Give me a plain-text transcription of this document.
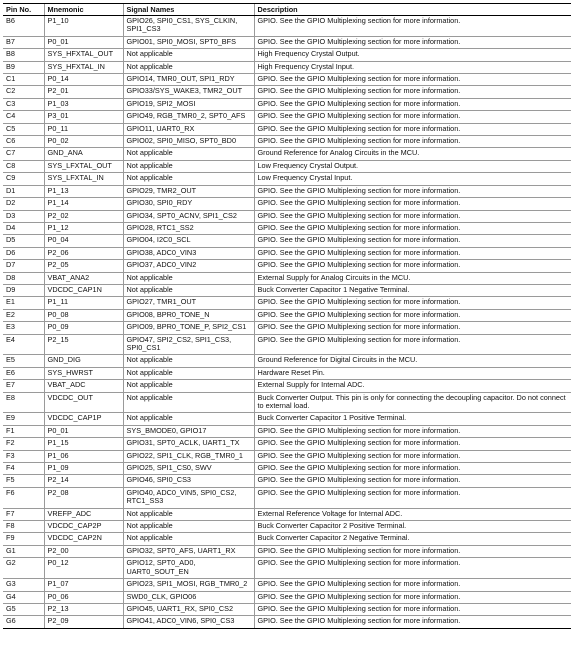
Pin No.	Mnemonic	Signal Names	Description
B6	P1_10	GPIO26, SPI0_CS1, SYS_CLKIN, SPI1_CS3	GPIO. See the GPIO Multiplexing section for more information.
B7	P0_01	GPIO01, SPI0_MOSI, SPT0_BFS	GPIO. See the GPIO Multiplexing section for more information.
B8	SYS_HFXTAL_OUT	Not applicable	High Frequency Crystal Output.
B9	SYS_HFXTAL_IN	Not applicable	High Frequency Crystal Input.
C1	P0_14	GPIO14, TMR0_OUT, SPI1_RDY	GPIO. See the GPIO Multiplexing section for more information.
C2	P2_01	GPIO33/SYS_WAKE3, TMR2_OUT	GPIO. See the GPIO Multiplexing section for more information.
C3	P1_03	GPIO19, SPI2_MOSI	GPIO. See the GPIO Multiplexing section for more information.
C4	P3_01	GPIO49, RGB_TMR0_2, SPT0_AFS	GPIO. See the GPIO Multiplexing section for more information.
C5	P0_11	GPIO11, UART0_RX	GPIO. See the GPIO Multiplexing section for more information.
C6	P0_02	GPIO02, SPI0_MISO, SPT0_BD0	GPIO. See the GPIO Multiplexing section for more information.
C7	GND_ANA	Not applicable	Ground Reference for Analog Circuits in the MCU.
C8	SYS_LFXTAL_OUT	Not applicable	Low Frequency Crystal Output.
C9	SYS_LFXTAL_IN	Not applicable	Low Frequency Crystal Input.
D1	P1_13	GPIO29, TMR2_OUT	GPIO. See the GPIO Multiplexing section for more information.
D2	P1_14	GPIO30, SPI0_RDY	GPIO. See the GPIO Multiplexing section for more information.
D3	P2_02	GPIO34, SPT0_ACNV, SPI1_CS2	GPIO. See the GPIO Multiplexing section for more information.
D4	P1_12	GPIO28, RTC1_SS2	GPIO. See the GPIO Multiplexing section for more information.
D5	P0_04	GPIO04, I2C0_SCL	GPIO. See the GPIO Multiplexing section for more information.
D6	P2_06	GPIO38, ADC0_VIN3	GPIO. See the GPIO Multiplexing section for more information.
D7	P2_05	GPIO37, ADC0_VIN2	GPIO. See the GPIO Multiplexing section for more information.
D8	VBAT_ANA2	Not applicable	External Supply for Analog Circuits in the MCU.
D9	VDCDC_CAP1N	Not applicable	Buck Converter Capacitor 1 Negative Terminal.
E1	P1_11	GPIO27, TMR1_OUT	GPIO. See the GPIO Multiplexing section for more information.
E2	P0_08	GPIO08, BPR0_TONE_N	GPIO. See the GPIO Multiplexing section for more information.
E3	P0_09	GPIO09, BPR0_TONE_P, SPI2_CS1	GPIO. See the GPIO Multiplexing section for more information.
E4	P2_15	GPIO47, SPI2_CS2, SPI1_CS3, SPI0_CS1	GPIO. See the GPIO Multiplexing section for more information.
E5	GND_DIG	Not applicable	Ground Reference for Digital Circuits in the MCU.
E6	SYS_HWRST	Not applicable	Hardware Reset Pin.
E7	VBAT_ADC	Not applicable	External Supply for Internal ADC.
E8	VDCDC_OUT	Not applicable	Buck Converter Output. This pin is only for connecting the decoupling capacitor. Do not connect to external load.
E9	VDCDC_CAP1P	Not applicable	Buck Converter Capacitor 1 Positive Terminal.
F1	P0_01	SYS_BMODE0, GPIO17	GPIO. See the GPIO Multiplexing section for more information.
F2	P1_15	GPIO31, SPT0_ACLK, UART1_TX	GPIO. See the GPIO Multiplexing section for more information.
F3	P1_06	GPIO22, SPI1_CLK, RGB_TMR0_1	GPIO. See the GPIO Multiplexing section for more information.
F4	P1_09	GPIO25, SPI1_CS0, SWV	GPIO. See the GPIO Multiplexing section for more information.
F5	P2_14	GPIO46, SPI0_CS3	GPIO. See the GPIO Multiplexing section for more information.
F6	P2_08	GPIO40, ADC0_VIN5, SPI0_CS2, RTC1_SS3	GPIO. See the GPIO Multiplexing section for more information.
F7	VREFP_ADC	Not applicable	External Reference Voltage for Internal ADC.
F8	VDCDC_CAP2P	Not applicable	Buck Converter Capacitor 2 Positive Terminal.
F9	VDCDC_CAP2N	Not applicable	Buck Converter Capacitor 2 Negative Terminal.
G1	P2_00	GPIO32, SPT0_AFS, UART1_RX	GPIO. See the GPIO Multiplexing section for more information.
G2	P0_12	GPIO12, SPT0_AD0, UART0_SOUT_EN	GPIO. See the GPIO Multiplexing section for more information.
G3	P1_07	GPIO23, SPI1_MOSI, RGB_TMR0_2	GPIO. See the GPIO Multiplexing section for more information.
G4	P0_06	SWD0_CLK, GPIO06	GPIO. See the GPIO Multiplexing section for more information.
G5	P2_13	GPIO45, UART1_RX, SPI0_CS2	GPIO. See the GPIO Multiplexing section for more information.
G6	P2_09	GPIO41, ADC0_VIN6, SPI0_CS3	GPIO. See the GPIO Multiplexing section for more information.
